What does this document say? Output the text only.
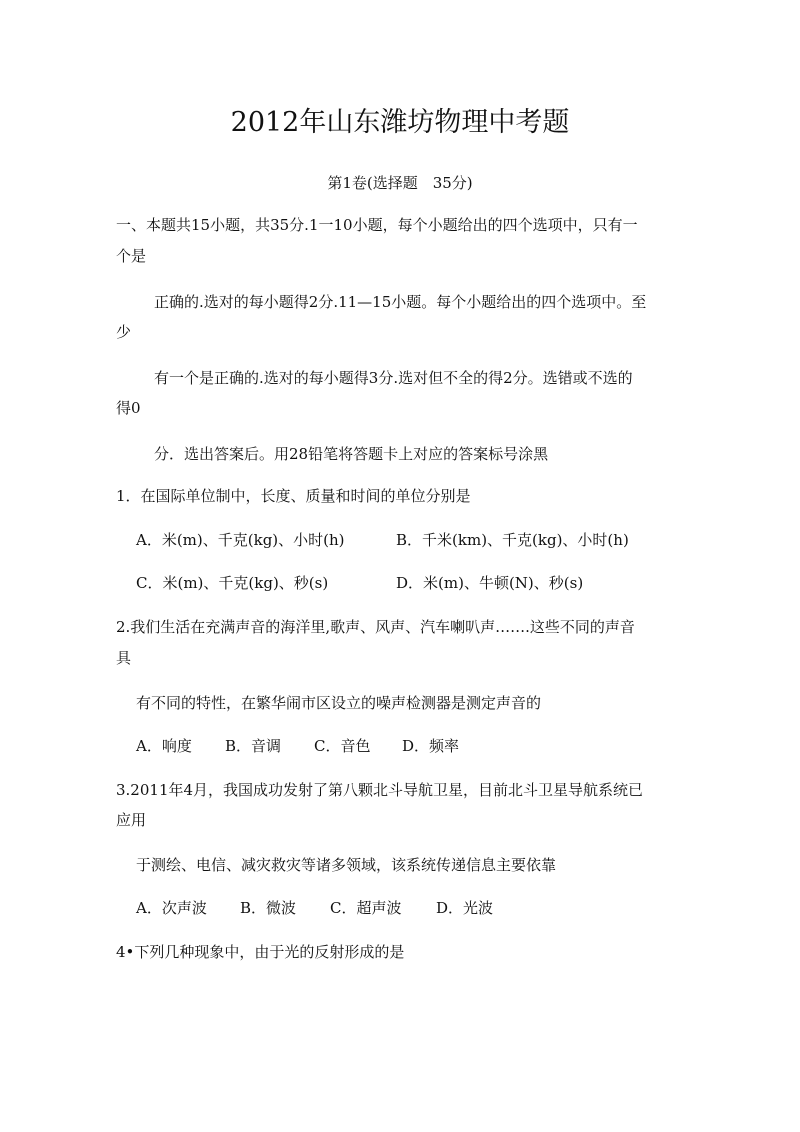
2012年山东潍坊物理中考题
第1卷(选择题　35分)
一、本题共15小题，共35分.1一10小题，每个小题给出的四个选项中，只有一
个是
正确的.选对的每小题得2分.11—15小题。每个小题给出的四个选项中。至
少
有一个是正确的.选对的每小题得3分.选对但不全的得2分。选错或不选的
得0
分．选出答案后。用28铅笔将答题卡上对应的答案标号涂黑
1．在国际单位制中，长度、质量和时间的单位分别是
A．米(m)、千克(kg)、小时(h)	B．千米(km)、千克(kg)、小时(h)
C．米(m)、千克(kg)、秒(s)	D．米(m)、牛顿(N)、秒(s)
2.我们生活在充满声音的海洋里,歌声、风声、汽车喇叭声…….这些不同的声音
具
有不同的特性，在繁华闹市区设立的噪声检测器是测定声音的
A．响度 B．音调 C．音色 D．频率
3.2011年4月，我国成功发射了第八颗北斗导航卫星，目前北斗卫星导航系统已
应用
于测绘、电信、减灾救灾等诸多领域，该系统传递信息主要依靠
A．次声波 B．微波 C．超声波 D．光波
4•下列几种现象中，由于光的反射形成的是
